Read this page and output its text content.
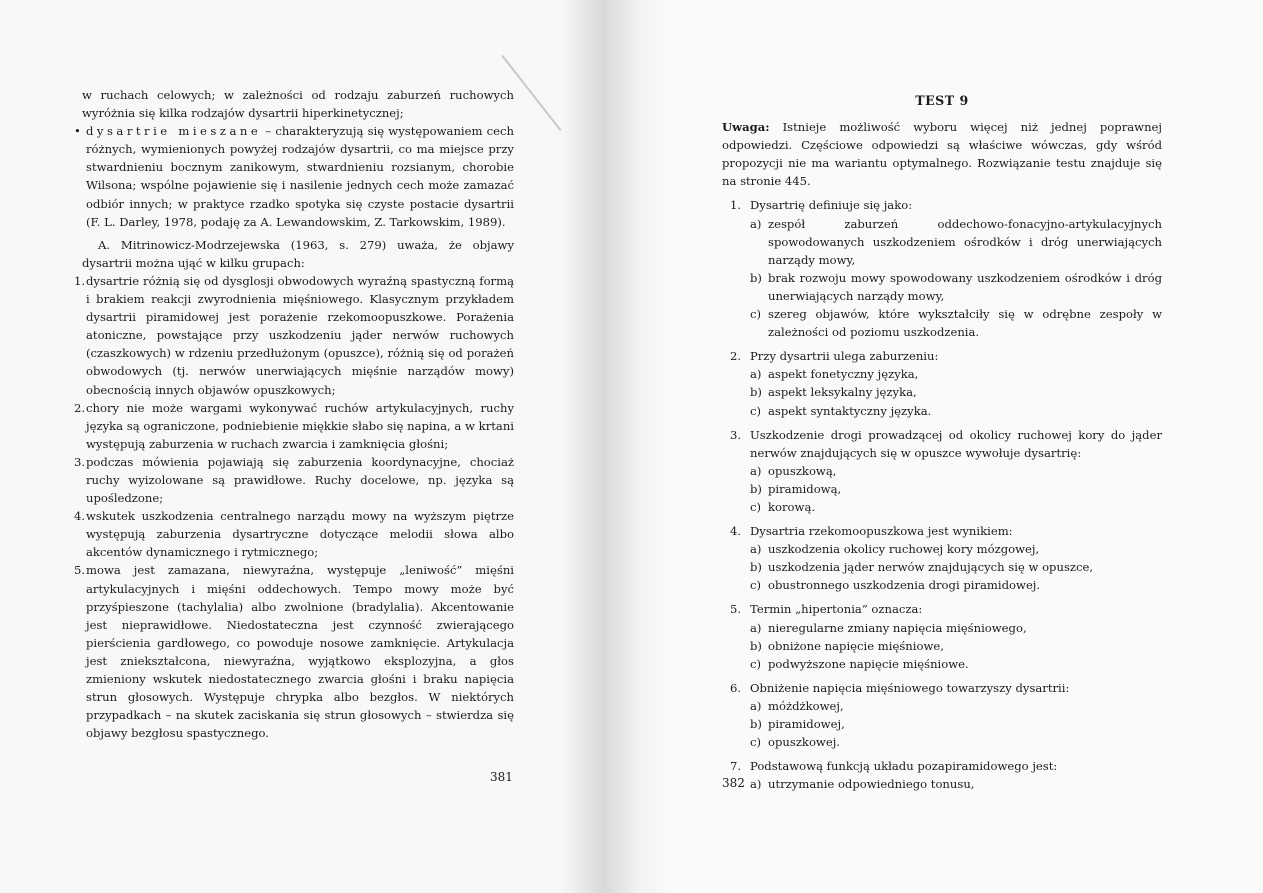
w ruchach celowych; w zależności od rodzaju zaburzeń ruchowych wyróżnia się kilka rodzajów dysartrii hiperkinetycznej;

• dysartrie mieszane – charakteryzują się występowaniem cech różnych, wymienionych powyżej rodzajów dysartrii, co ma miejsce przy stwardnieniu bocznym zanikowym, stwardnieniu rozsianym, chorobie Wilsona; wspólne pojawienie się i nasilenie jednych cech może zamazać odbiór innych; w praktyce rzadko spotyka się czyste postacie dysartrii (F. L. Darley, 1978, podaję za A. Lewandowskim, Z. Tarkowskim, 1989).

A. Mitrinowicz-Modrzejewska (1963, s. 279) uważa, że objawy dysartrii można ująć w kilku grupach:

1. dysartrie różnią się od dysglosji obwodowych wyraźną spastyczną formą i brakiem reakcji zwyrodnienia mięśniowego. Klasycznym przykładem dysartrii piramidowej jest porażenie rzekomoopuszkowe. Porażenia atoniczne, powstające przy uszkodzeniu jąder nerwów ruchowych (czaszkowych) w rdzeniu przedłużonym (opuszce), różnią się od porażeń obwodowych (tj. nerwów unerwiających mięśnie narządów mowy) obecnością innych objawów opuszkowych;
2. chory nie może wargami wykonywać ruchów artykulacyjnych, ruchy języka są ograniczone, podniebienie miękkie słabo się napina, a w krtani występują zaburzenia w ruchach zwarcia i zamknięcia głośni;
3. podczas mówienia pojawiają się zaburzenia koordynacyjne, chociaż ruchy wyizolowane są prawidłowe. Ruchy docelowe, np. języka są upośledzone;
4. wskutek uszkodzenia centralnego narządu mowy na wyższym piętrze występują zaburzenia dysartryczne dotyczące melodii słowa albo akcentów dynamicznego i rytmicznego;
5. mowa jest zamazana, niewyraźna, występuje „leniwość” mięśni artykulacyjnych i mięśni oddechowych. Tempo mowy może być przyśpieszone (tachylalia) albo zwolnione (bradylalia). Akcentowanie jest nieprawidłowe. Niedostateczna jest czynność zwierającego pierścienia gardłowego, co powoduje nosowe zamknięcie. Artykulacja jest zniekształcona, niewyraźna, wyjątkowo eksplozyjna, a głos zmieniony wskutek niedostatecznego zwarcia głośni i braku napięcia strun głosowych. Występuje chrypka albo bezgłos. W niektórych przypadkach – na skutek zaciskania się strun głosowych – stwierdza się objawy bezgłosu spastycznego.
381
TEST 9

Uwaga: Istnieje możliwość wyboru więcej niż jednej poprawnej odpowiedzi. Częściowe odpowiedzi są właściwe wówczas, gdy wśród propozycji nie ma wariantu optymalnego. Rozwiązanie testu znajduje się na stronie 445.

1. Dysartrię definiuje się jako:
a) zespół zaburzeń oddechowo-fonacyjno-artykulacyjnych spowodowanych uszkodzeniem ośrodków i dróg unerwiających narządy mowy,
b) brak rozwoju mowy spowodowany uszkodzeniem ośrodków i dróg unerwiających narządy mowy,
c) szereg objawów, które wykształciły się w odrębne zespoły w zależności od poziomu uszkodzenia.
2. Przy dysartrii ulega zaburzeniu:
a) aspekt fonetyczny języka,
b) aspekt leksykalny języka,
c) aspekt syntaktyczny języka.
3. Uszkodzenie drogi prowadzącej od okolicy ruchowej kory do jąder nerwów znajdujących się w opuszce wywołuje dysartrię:
a) opuszkową,
b) piramidową,
c) korową.
4. Dysartria rzekomoopuszkowa jest wynikiem:
a) uszkodzenia okolicy ruchowej kory mózgowej,
b) uszkodzenia jąder nerwów znajdujących się w opuszce,
c) obustronnego uszkodzenia drogi piramidowej.
5. Termin „hipertonia” oznacza:
a) nieregularne zmiany napięcia mięśniowego,
b) obniżone napięcie mięśniowe,
c) podwyższone napięcie mięśniowe.
6. Obniżenie napięcia mięśniowego towarzyszy dysartrii:
a) móżdżkowej,
b) piramidowej,
c) opuszkowej.
7. Podstawową funkcją układu pozapiramidowego jest:
a) utrzymanie odpowiedniego tonusu,
382
